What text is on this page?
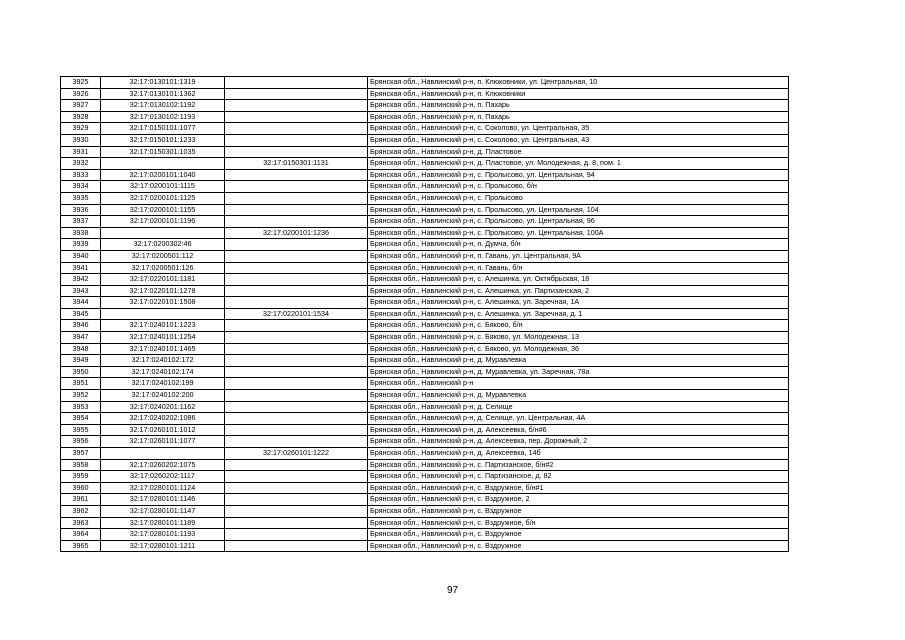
3925	32:17:0130101:1319		Брянская обл., Навлинский р-н, п. Клюковники, ул. Центральная, 10
3926	32:17:0130101:1362		Брянская обл., Навлинский р-н, п. Клюковники
3927	32:17:0130102:1192		Брянская обл., Навлинский р-н, п. Пахарь
3928	32:17:0130102:1193		Брянская обл., Навлинский р-н, п. Пахарь
3929	32:17:0150101:1077		Брянская обл., Навлинский р-н, с. Соколово, ул. Центральная, 35
3930	32:17:0150101:1233		Брянская обл., Навлинский р-н, с. Соколово, ул. Центральная, 43
3931	32:17:0150301:1035		Брянская обл., Навлинский р-н, д. Пластовое
3932		32:17:0150301:1131	Брянская обл., Навлинский р-н, д. Пластовое, ул. Молодежная, д. 8, пом. 1
3933	32:17:0200101:1040		Брянская обл., Навлинский р-н, с. Пролысово, ул. Центральная, 94
3934	32:17:0200101:1115		Брянская обл., Навлинский р-н, с. Пролысово, б/н
3935	32:17:0200101:1125		Брянская обл., Навлинский р-н, с. Пролысово
3936	32:17:0200101:1155		Брянская обл., Навлинский р-н, с. Пролысово, ул. Центральная, 104
3937	32:17:0200101:1196		Брянская обл., Навлинский р-н, с. Пролысово, ул. Центральная, 96
3938		32:17:0200101:1236	Брянская обл., Навлинский р-н, с. Пролысово, ул. Центральная, 100А
3939	32:17:0200302:46		Брянская обл., Навлинский р-н, п. Думча, б/н
3940	32:17:0200501:112		Брянская обл., Навлинский р-н, п. Гавань, ул. Центральная, 9А
3941	32:17:0200501:126		Брянская обл., Навлинский р-н, п. Гавань, б/н
3942	32:17:0220101:1181		Брянская обл., Навлинский р-н, с. Алешинка, ул. Октябрьская, 18
3943	32:17:0220101:1278		Брянская обл., Навлинский р-н, с. Алешинка, ул. Партизанская, 2
3944	32:17:0220101:1508		Брянская обл., Навлинский р-н, с. Алешинка, ул. Заречная, 1А
3945		32:17:0220101:1534	Брянская обл., Навлинский р-н, с. Алешинка, ул. Заречная, д. 1
3946	32:17:0240101:1223		Брянская обл., Навлинский р-н, с. Бяково, б/н
3947	32:17:0240101:1254		Брянская обл., Навлинский р-н, с. Бяково, ул. Молодежная, 13
3948	32:17:0240101:1465		Брянская обл., Навлинский р-н, с. Бяково, ул. Молодежная, 36
3949	32:17:0240102:172		Брянская обл., Навлинский р-н, д. Муравлевка
3950	32:17:0240102:174		Брянская обл., Навлинский р-н, д. Муравлевка, ул. Заречная, 78а
3951	32:17:0240102:199		Брянская обл., Навлинский р-н
3952	32:17:0240102:200		Брянская обл., Навлинский р-н, д. Муравлевка
3953	32:17:0240201:1162		Брянская обл., Навлинский р-н, д. Селище
3954	32:17:0240202:1086		Брянская обл., Навлинский р-н, д. Селище, ул. Центральная, 4А
3955	32:17:0260101:1012		Брянская обл., Навлинский р-н, д. Алексеевка, б/н#6
3956	32:17:0260101:1077		Брянская обл., Навлинский р-н, д. Алексеевка, пер. Дорожный, 2
3957		32:17:0260101:1222	Брянская обл., Навлинский р-н, д. Алексеевка, 14б
3958	32:17:0260202:1075		Брянская обл., Навлинский р-н, с. Партизанское, б/н#2
3959	32:17:0260202:1117		Брянская обл., Навлинский р-н, с. Партизанское, д. 82
3960	32:17:0280101:1124		Брянская обл., Навлинский р-н, с. Вздружное, б/н#1
3961	32:17:0280101:1146		Брянская обл., Навлинский р-н, с. Вздружное, 2
3962	32:17:0280101:1147		Брянская обл., Навлинский р-н, с. Вздружное
3963	32:17:0280101:1189		Брянская обл., Навлинский р-н, с. Вздружное, б/н
3964	32:17:0280101:1193		Брянская обл., Навлинский р-н, с. Вздружное
3965	32:17:0280101:1211		Брянская обл., Навлинский р-н, с. Вздружное
97
